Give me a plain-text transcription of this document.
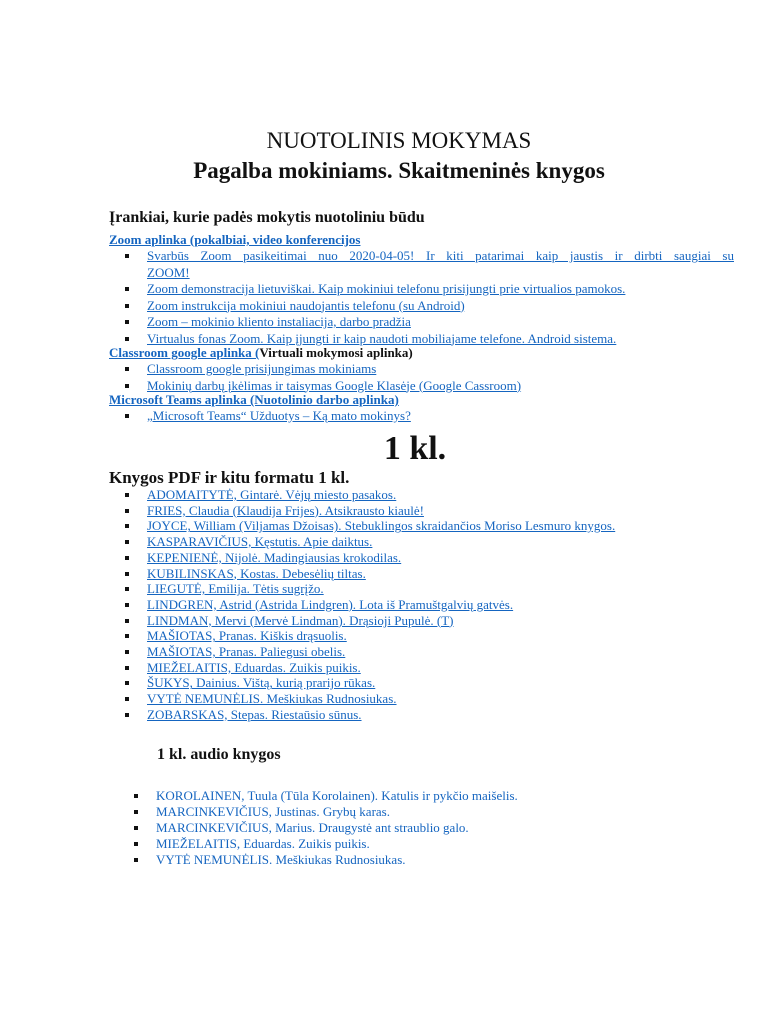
NUOTOLINIS MOKYMAS
Pagalba mokiniams. Skaitmeninės knygos
Įrankiai, kurie padės mokytis nuotoliniu būdu
Zoom aplinka (pokalbiai, video konferencijos
Svarbūs Zoom pasikeitimai nuo 2020-04-05! Ir kiti patarimai kaip jaustis ir dirbti saugiai su
ZOOM!
Zoom demonstracija lietuviškai. Kaip mokiniui telefonu prisijungti prie virtualios pamokos.
Zoom instrukcija mokiniui naudojantis telefonu (su Android)
Zoom – mokinio kliento instaliacija, darbo pradžia
Virtualus fonas Zoom. Kaip įjungti ir kaip naudoti mobiliajame telefone. Android sistema.
Classroom google aplinka (Virtuali mokymosi aplinka)
Classroom google prisijungimas mokiniams
Mokinių darbų įkėlimas ir taisymas Google Klasėje (Google Cassroom)
Microsoft Teams aplinka (Nuotolinio darbo aplinka)
„Microsoft Teams“ Užduotys – Ką mato mokinys?
1 kl.
Knygos PDF ir kitu formatu 1 kl.
ADOMAITYTĖ, Gintarė. Vėjų miesto pasakos.
FRIES, Claudia (Klaudija Frijes). Atsikrausto kiaulė!
JOYCE, William (Viljamas Džoisas). Stebuklingos skraidančios Moriso Lesmuro knygos.
KASPARAVIČIUS, Kęstutis. Apie daiktus.
KEPENIENĖ, Nijolė. Madingiausias krokodilas.
KUBILINSKAS, Kostas. Debesėlių tiltas.
LIEGUTĖ, Emilija. Tėtis sugrįžo.
LINDGREN, Astrid (Astrida Lindgren). Lota iš Pramuštgalvių gatvės.
LINDMAN, Mervi (Mervė Lindman). Drąsioji Pupulė. (T)
MAŠIOTAS, Pranas. Kiškis drąsuolis.
MAŠIOTAS, Pranas. Paliegusi obelis.
MIEŽELAITIS, Eduardas. Zuikis puikis.
ŠUKYS, Dainius. Vištą, kurią prarijo rūkas.
VYTĖ NEMUNĖLIS. Meškiukas Rudnosiukas.
ZOBARSKAS, Stepas. Riestaūsio sūnus.
1 kl. audio knygos
KOROLAINEN, Tuula (Tūla Korolainen). Katulis ir pykčio maišelis.
MARCINKEVIČIUS, Justinas. Grybų karas.
MARCINKEVIČIUS, Marius. Draugystė ant straublio galo.
MIEŽELAITIS, Eduardas. Zuikis puikis.
VYTĖ NEMUNĖLIS. Meškiukas Rudnosiukas.
